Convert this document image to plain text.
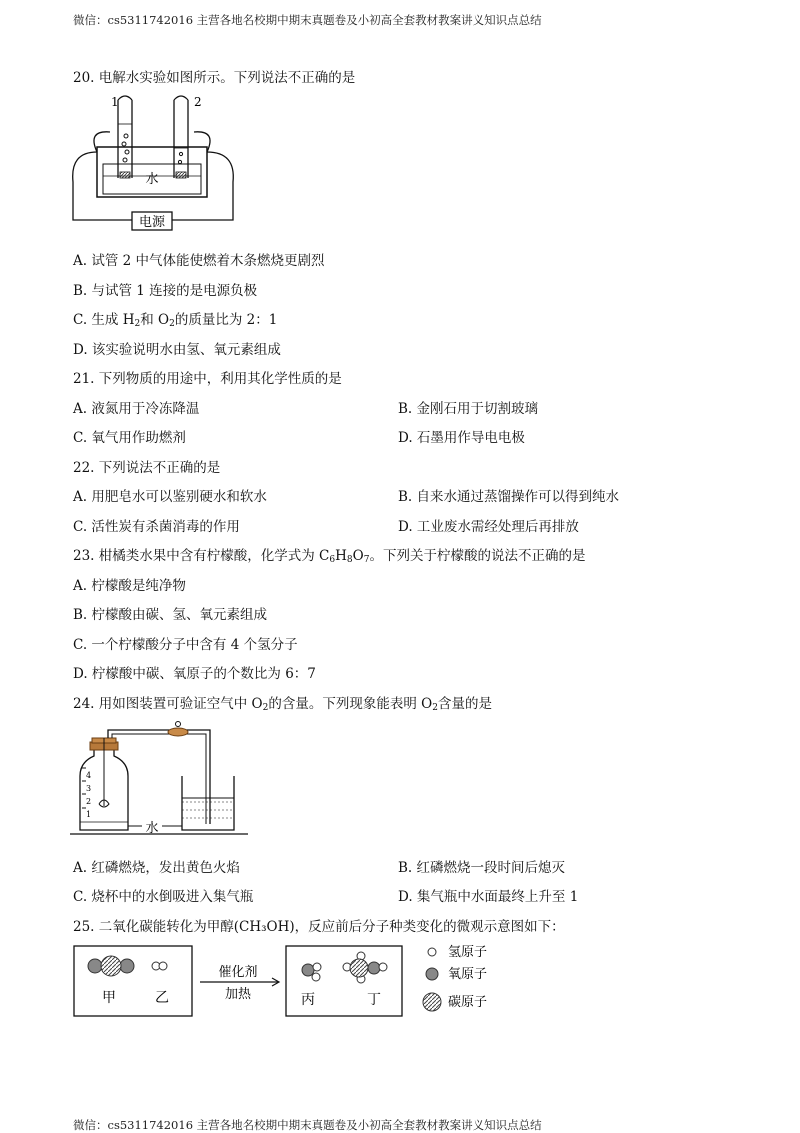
微信：cs5311742016 主营各地名校期中期末真题卷及小初高全套教材教案讲义知识点总结
20. 电解水实验如图所示。下列说法不正确的是
电源
水
1	2
A. 试管 2 中气体能使燃着木条燃烧更剧烈
B. 与试管 1 连接的是电源负极
C. 生成 $H_2$和 $O_2$的质量比为 2：1
D. 该实验说明水由氢、氧元素组成
21. 下列物质的用途中，利用其化学性质的是
A. 液氮用于冷冻降温	B. 金刚石用于切割玻璃
C. 氧气用作助燃剂	D. 石墨用作导电电极
22. 下列说法不正确的是
A. 用肥皂水可以鉴别硬水和软水	B. 自来水通过蒸馏操作可以得到纯水
C. 活性炭有杀菌消毒的作用	D. 工业废水需经处理后再排放
23. 柑橘类水果中含有柠檬酸，化学式为 $C_6H_8O_7$。下列关于柠檬酸的说法不正确的是
A. 柠檬酸是纯净物
B. 柠檬酸由碳、氢、氧元素组成
C. 一个柠檬酸分子中含有 4 个氢分子
D. 柠檬酸中碳、氧原子的个数比为 6：7
24. 用如图装置可验证空气中 $O_2$的含量。下列现象能表明 $O_2$含量的是
4
3
2
1
水
A. 红磷燃烧，发出黄色火焰	B. 红磷燃烧一段时间后熄灭
C. 烧杯中的水倒吸进入集气瓶	D. 集气瓶中水面最终上升至 1
25. 二氧化碳能转化为甲醇(CH₃OH)，反应前后分子种类变化的微观示意图如下：
甲	乙
催化剂
加热	丙	丁
氢原子
氧原子
碳原子
微信：cs5311742016 主营各地名校期中期末真题卷及小初高全套教材教案讲义知识点总结
